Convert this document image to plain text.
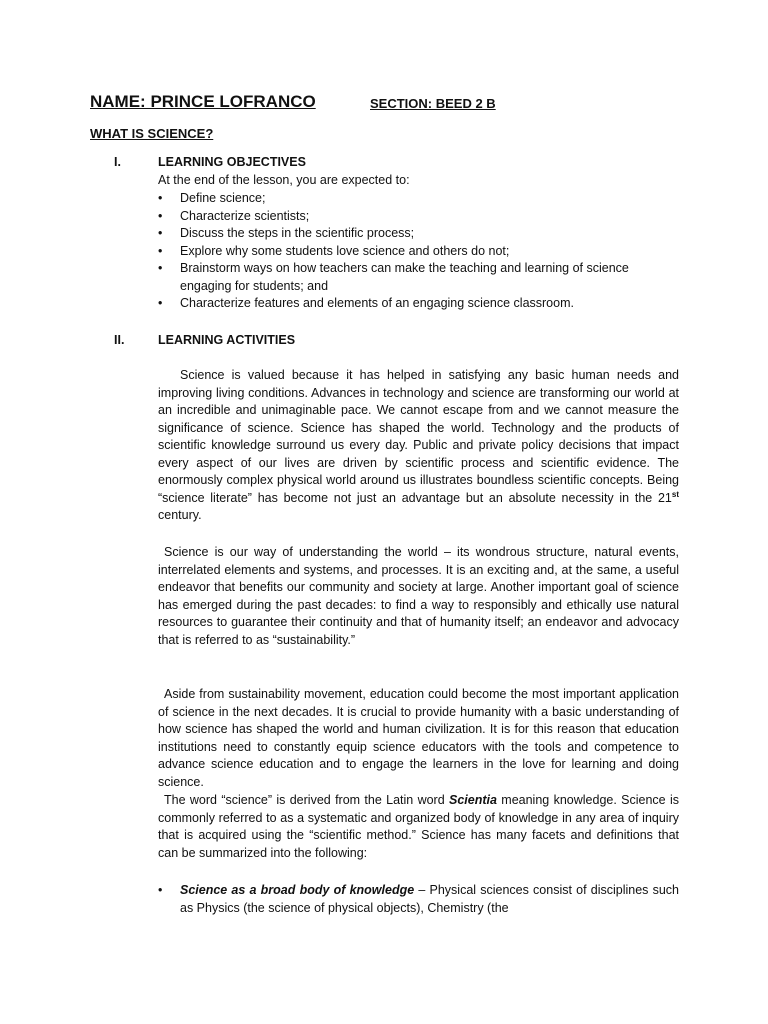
NAME: PRINCE LOFRANCO	SECTION: BEED 2 B
WHAT IS SCIENCE?
I.	LEARNING OBJECTIVES
At the end of the lesson, you are expected to:
• Define science;
• Characterize scientists;
• Discuss the steps in the scientific process;
• Explore why some students love science and others do not;
• Brainstorm ways on how teachers can make the teaching and learning of science engaging for students; and
• Characterize features and elements of an engaging science classroom.
II.	LEARNING ACTIVITIES

Science is valued because it has helped in satisfying any basic human needs and improving living conditions. Advances in technology and science are transforming our world at an incredible and unimaginable pace. We cannot escape from and we cannot measure the significance of science. Science has shaped the world. Technology and the products of scientific knowledge surround us every day. Public and private policy decisions that impact every aspect of our lives are driven by scientific process and scientific evidence. The enormously complex physical world around us illustrates boundless scientific concepts. Being “science literate” has become not just an advantage but an absolute necessity in the 21st century.

Science is our way of understanding the world – its wondrous structure, natural events, interrelated elements and systems, and processes. It is an exciting and, at the same, a useful endeavor that benefits our community and society at large. Another important goal of science has emerged during the past decades: to find a way to responsibly and ethically use natural resources to guarantee their continuity and that of humanity itself; an endeavor and advocacy that is referred to as “sustainability.”

Aside from sustainability movement, education could become the most important application of science in the next decades. It is crucial to provide humanity with a basic understanding of how science has shaped the world and human civilization. It is for this reason that education institutions need to constantly equip science educators with the tools and competence to advance science education and to engage the learners in the love for learning and doing science.

The word “science” is derived from the Latin word Scientia meaning knowledge. Science is commonly referred to as a systematic and organized body of knowledge in any area of inquiry that is acquired using the “scientific method.” Science has many facets and definitions that can be summarized into the following:

• Science as a broad body of knowledge – Physical sciences consist of disciplines such as Physics (the science of physical objects), Chemistry (the
